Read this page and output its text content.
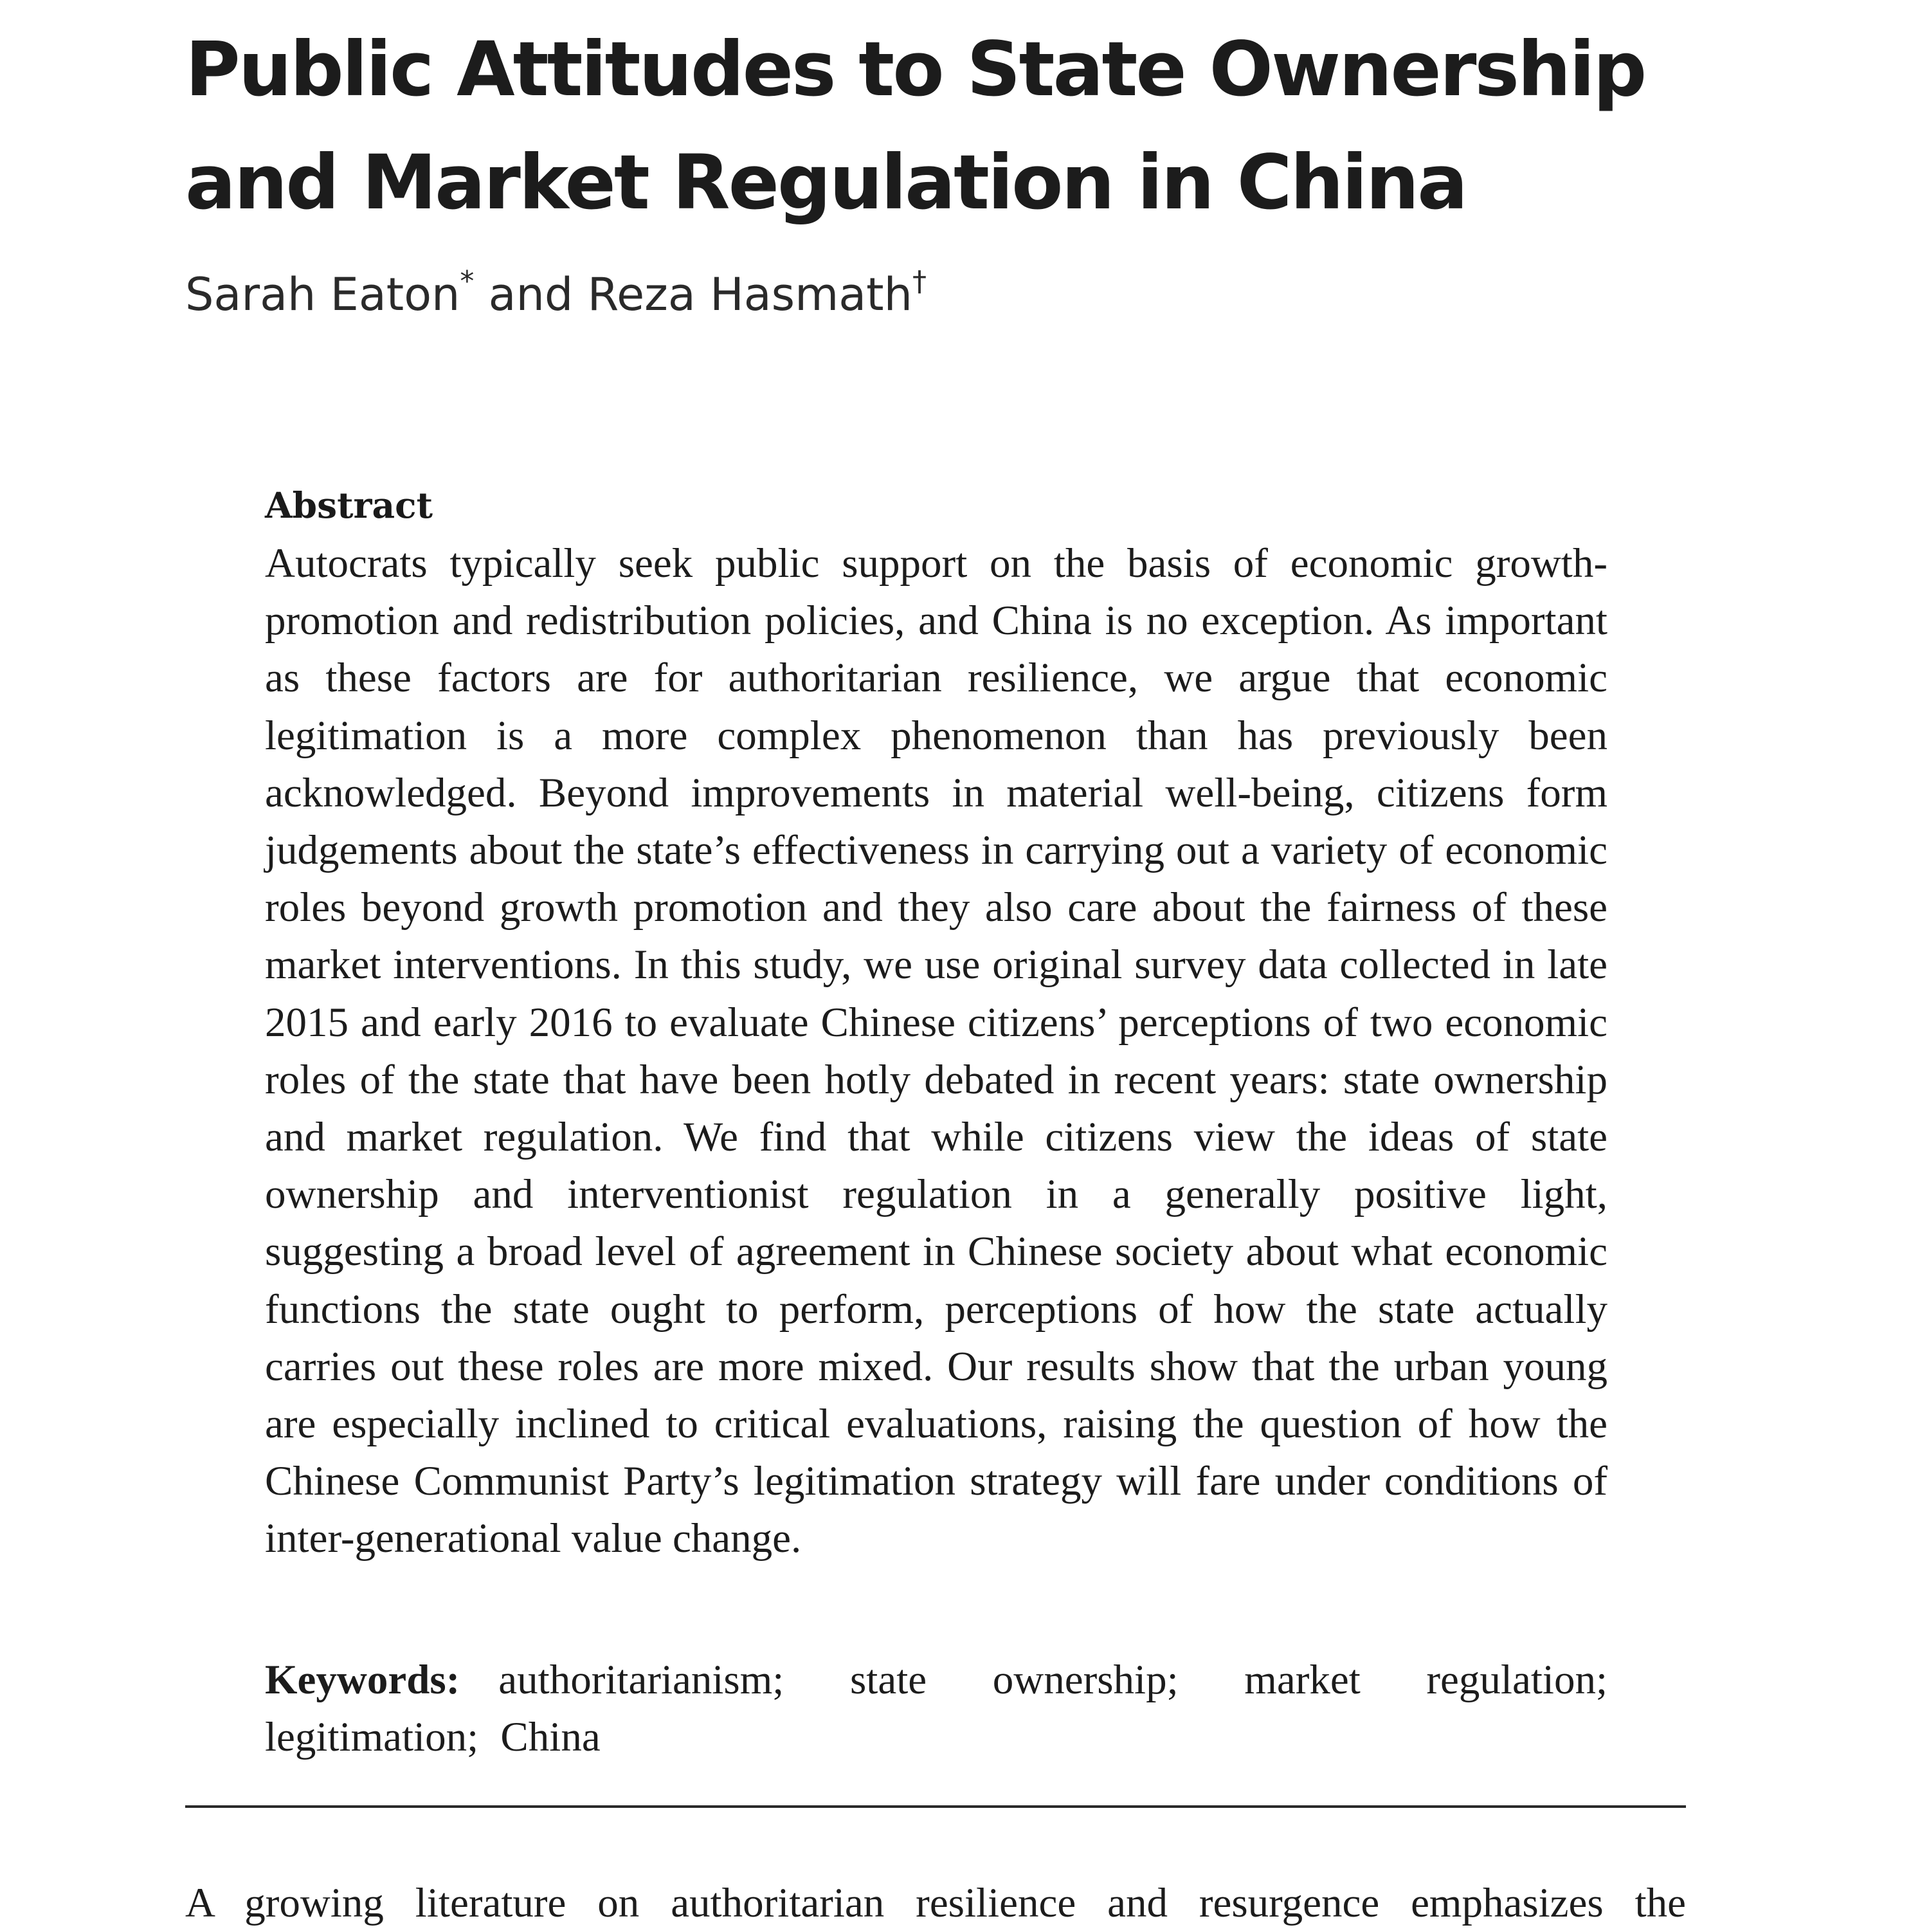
Public Attitudes to State Ownership and Market Regulation in China

Sarah Eaton* and Reza Hasmath†

Abstract

Autocrats typically seek public support on the basis of economic growth-promotion and redistribution policies, and China is no exception. As important as these factors are for authoritarian resilience, we argue that economic legitimation is a more complex phenomenon than has previously been acknowledged. Beyond improvements in material well-being, citizens form judgements about the state’s effectiveness in carrying out a variety of economic roles beyond growth promotion and they also care about the fairness of these market interventions. In this study, we use original survey data collected in late 2015 and early 2016 to evaluate Chinese citizens’ perceptions of two economic roles of the state that have been hotly debated in recent years: state ownership and market regulation. We find that while citizens view the ideas of state ownership and interventionist regulation in a generally positive light, suggesting a broad level of agreement in Chinese society about what economic functions the state ought to perform, perceptions of how the state actually carries out these roles are more mixed. Our results show that the urban young are especially inclined to critical evaluations, raising the question of how the Chinese Communist Party’s legitimation strategy will fare under conditions of inter-generational value change.

Keywords: authoritarianism; state ownership; market regulation; legitimation; China

A growing literature on authoritarian resilience and resurgence emphasizes the
